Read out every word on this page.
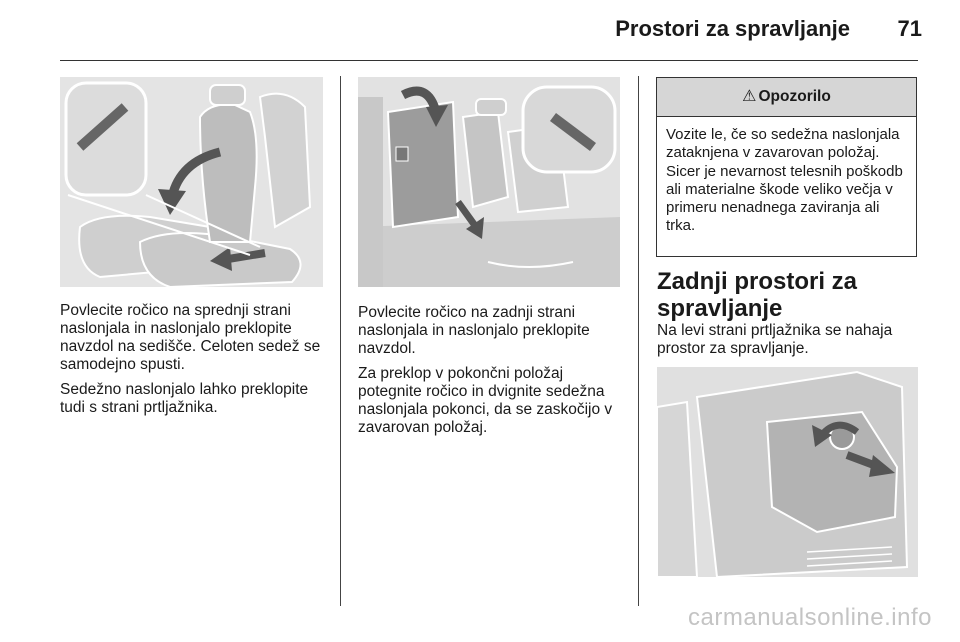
Prostori za spravljanje 71

Povlecite ročico na sprednji strani naslonjala in naslonjalo preklopite navzdol na sedišče. Celoten sedež se samodejno spusti.

Sedežno naslonjalo lahko preklopite tudi s strani prtljažnika.

Povlecite ročico na zadnji strani naslonjala in naslonjalo preklopite navzdol.

Za preklop v pokončni položaj potegnite ročico in dvignite sedežna naslonjala pokonci, da se zaskočijo v zavarovan položaj.

⚠ Opozorilo
Vozite le, če so sedežna naslonjala zataknjena v zavarovan položaj. Sicer je nevarnost telesnih poškodb ali materialne škode veliko večja v primeru nenadnega zaviranja ali trka.
Zadnji prostori za spravljanje

Na levi strani prtljažnika se nahaja prostor za spravljanje.

carmanualsonline.info
